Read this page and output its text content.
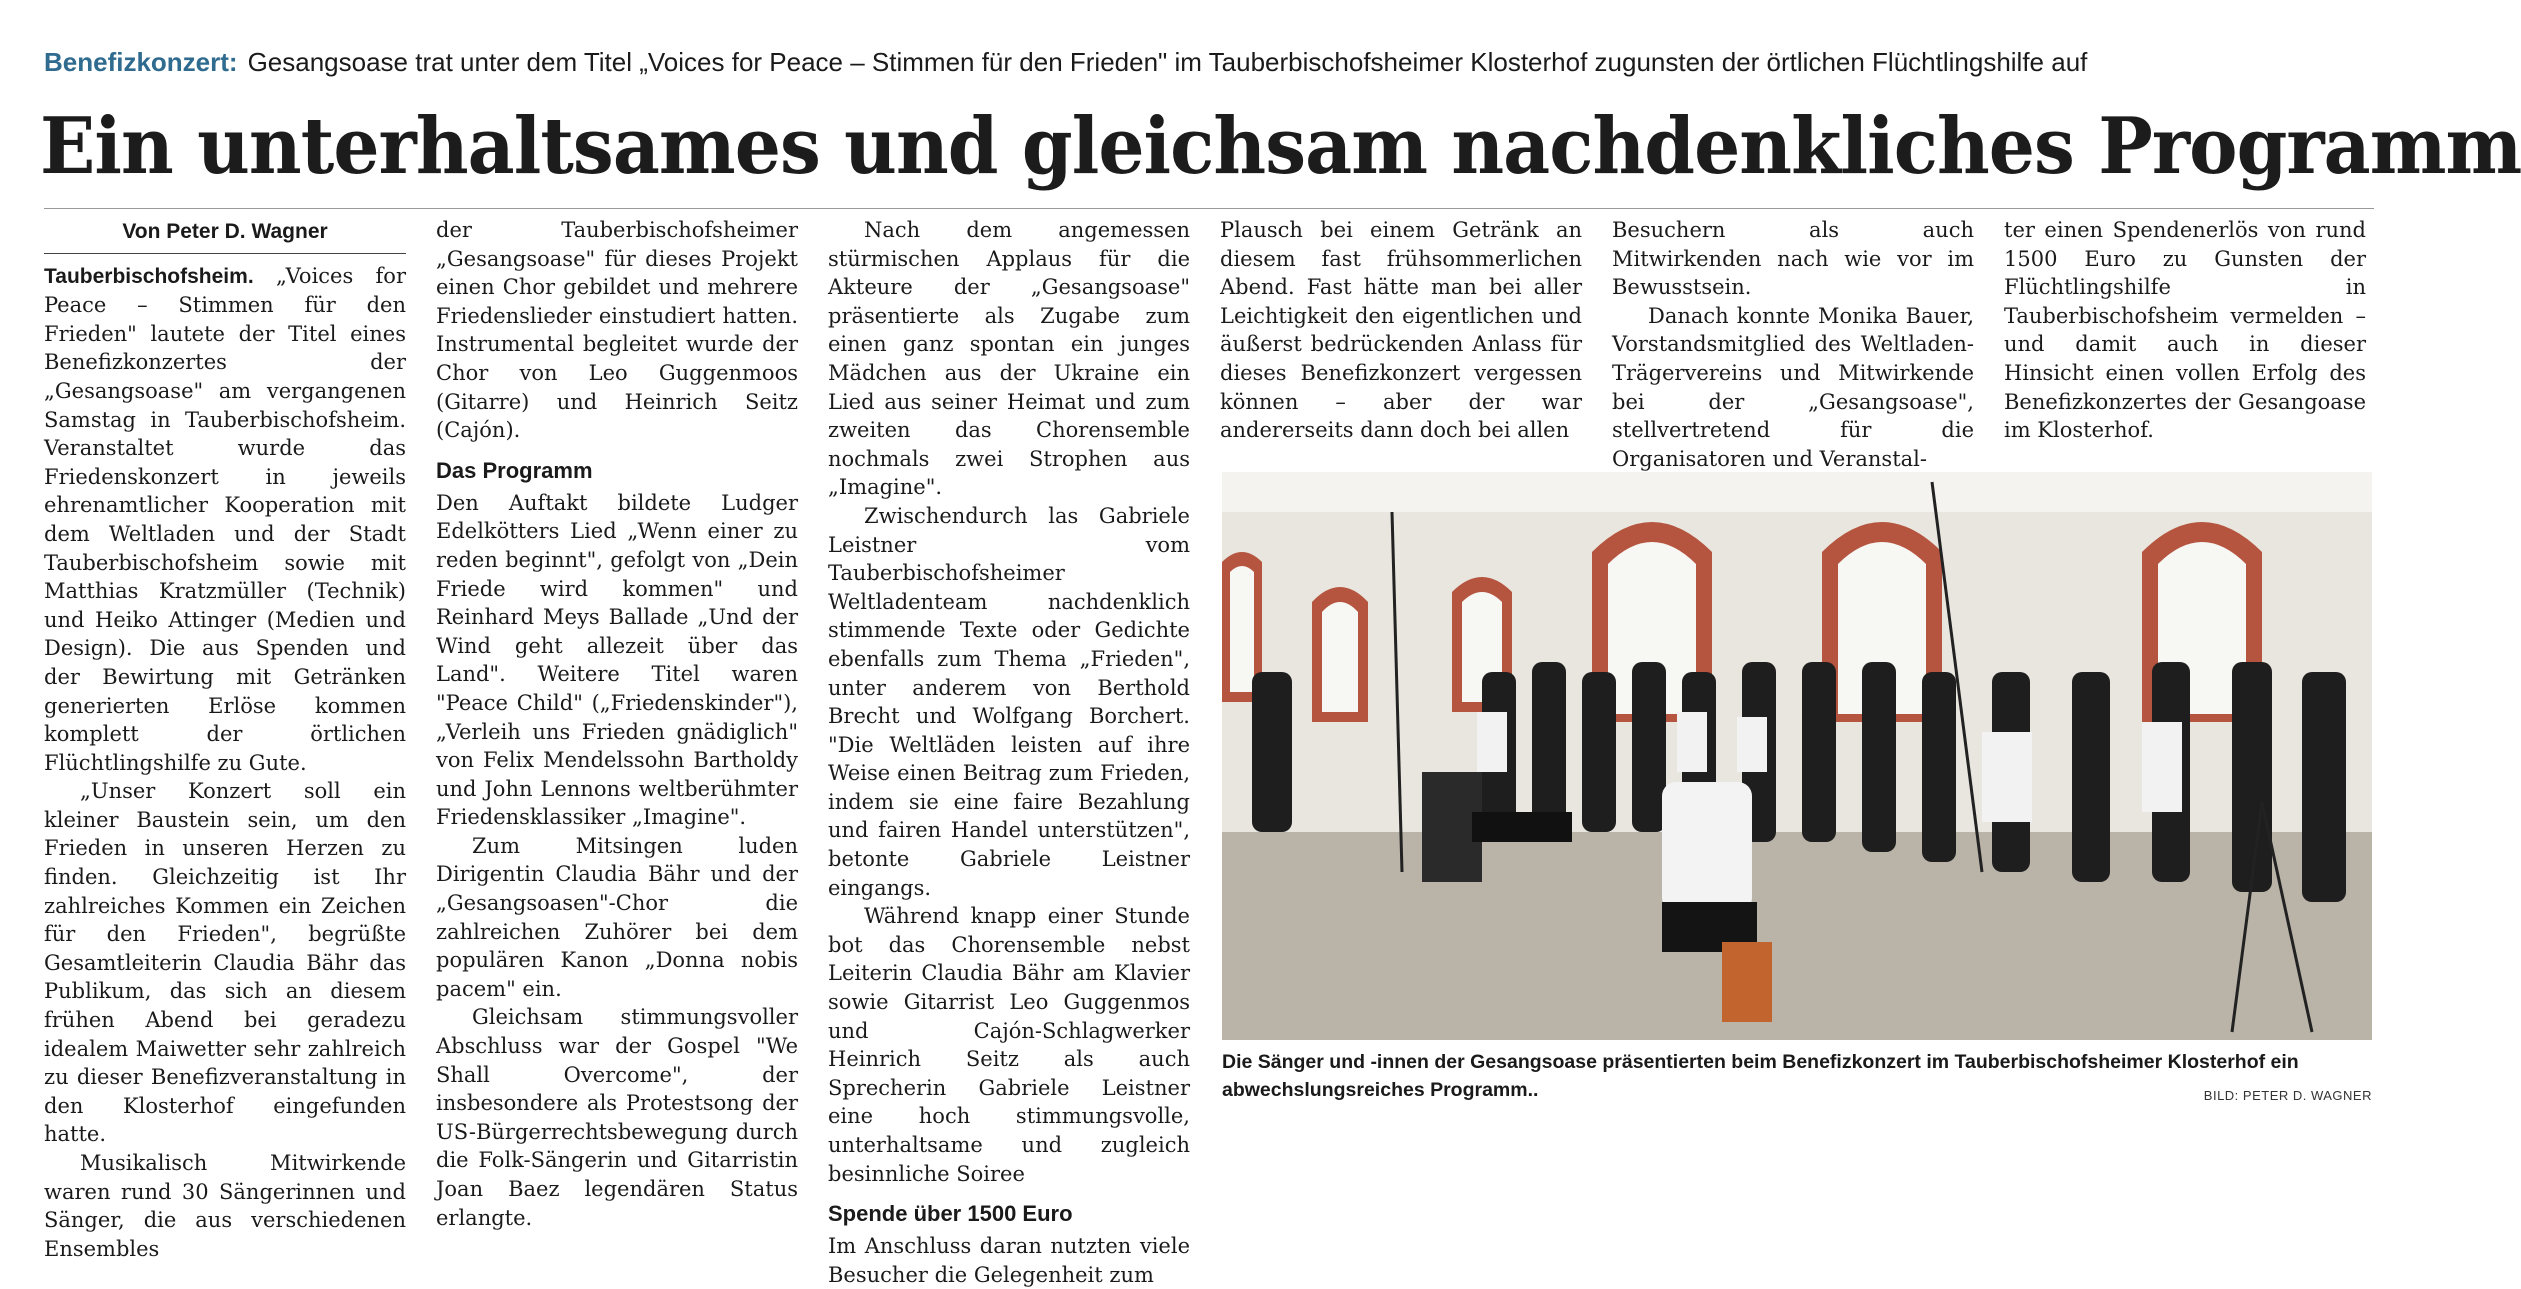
Benefizkonzert: Gesangsoase trat unter dem Titel „Voices for Peace – Stimmen für den Frieden" im Tauberbischofsheimer Klosterhof zugunsten der örtlichen Flüchtlingshilfe auf
Ein unterhaltsames und gleichsam nachdenkliches Programm
Von Peter D. Wagner

Tauberbischofsheim. „Voices for Peace – Stimmen für den Frieden" lautete der Titel eines Benefizkonzertes der „Gesangsoase" am vergangenen Samstag in Tauberbischofsheim. Veranstaltet wurde das Friedenskonzert in jeweils ehrenamtlicher Kooperation mit dem Weltladen und der Stadt Tauberbischofsheim sowie mit Matthias Kratzmüller (Technik) und Heiko Attinger (Medien und Design). Die aus Spenden und der Bewirtung mit Getränken generierten Erlöse kommen komplett der örtlichen Flüchtlingshilfe zu Gute.

„Unser Konzert soll ein kleiner Baustein sein, um den Frieden in unseren Herzen zu finden. Gleichzeitig ist Ihr zahlreiches Kommen ein Zeichen für den Frieden", begrüßte Gesamtleiterin Claudia Bähr das Publikum, das sich an diesem frühen Abend bei geradezu idealem Maiwetter sehr zahlreich zu dieser Benefizveranstaltung in den Klosterhof eingefunden hatte.

Musikalisch Mitwirkende waren rund 30 Sängerinnen und Sänger, die aus verschiedenen Ensembles

der Tauberbischofsheimer „Gesangsoase" für dieses Projekt einen Chor gebildet und mehrere Friedenslieder einstudiert hatten. Instrumental begleitet wurde der Chor von Leo Guggenmoos (Gitarre) und Heinrich Seitz (Cajón).

Das Programm

Den Auftakt bildete Ludger Edelkötters Lied „Wenn einer zu reden beginnt", gefolgt von „Dein Friede wird kommen" und Reinhard Meys Ballade „Und der Wind geht allezeit über das Land". Weitere Titel waren "Peace Child" („Friedenskinder"), „Verleih uns Frieden gnädiglich" von Felix Mendelssohn Bartholdy und John Lennons weltberühmter Friedensklassiker „Imagine".

Zum Mitsingen luden Dirigentin Claudia Bähr und der „Gesangsoasen"-Chor die zahlreichen Zuhörer bei dem populären Kanon „Donna nobis pacem" ein.

Gleichsam stimmungsvoller Abschluss war der Gospel "We Shall Overcome", der insbesondere als Protestsong der US-Bürgerrechtsbewegung durch die Folk-Sängerin und Gitarristin Joan Baez legendären Status erlangte.

Nach dem angemessen stürmischen Applaus für die Akteure der „Gesangsoase" präsentierte als Zugabe zum einen ganz spontan ein junges Mädchen aus der Ukraine ein Lied aus seiner Heimat und zum zweiten das Chorensemble nochmals zwei Strophen aus „Imagine".

Zwischendurch las Gabriele Leistner vom Tauberbischofsheimer Weltladenteam nachdenklich stimmende Texte oder Gedichte ebenfalls zum Thema „Frieden", unter anderem von Berthold Brecht und Wolfgang Borchert. "Die Weltläden leisten auf ihre Weise einen Beitrag zum Frieden, indem sie eine faire Bezahlung und fairen Handel unterstützen", betonte Gabriele Leistner eingangs.

Während knapp einer Stunde bot das Chorensemble nebst Leiterin Claudia Bähr am Klavier sowie Gitarrist Leo Guggenmos und Cajón-Schlagwerker Heinrich Seitz als auch Sprecherin Gabriele Leistner eine hoch stimmungsvolle, unterhaltsame und zugleich besinnliche Soiree

Spende über 1500 Euro

Im Anschluss daran nutzten viele Besucher die Gelegenheit zum

Plausch bei einem Getränk an diesem fast frühsommerlichen Abend. Fast hätte man bei aller Leichtigkeit den eigentlichen und äußerst bedrückenden Anlass für dieses Benefizkonzert vergessen können – aber der war andererseits dann doch bei allen

Besuchern als auch Mitwirkenden nach wie vor im Bewusstsein.

Danach konnte Monika Bauer, Vorstandsmitglied des Weltladen-Trägervereins und Mitwirkende bei der „Gesangsoase", stellvertretend für die Organisatoren und Veranstal-

ter einen Spendenerlös von rund 1500 Euro zu Gunsten der Flüchtlingshilfe in Tauberbischofsheim vermelden – und damit auch in dieser Hinsicht einen vollen Erfolg des Benefizkonzertes der Gesangoase im Klosterhof.

Die Sänger und -innen der Gesangsoase präsentierten beim Benefizkonzert im Tauberbischofsheimer Klosterhof ein abwechslungsreiches Programm..	BILD: PETER D. WAGNER
